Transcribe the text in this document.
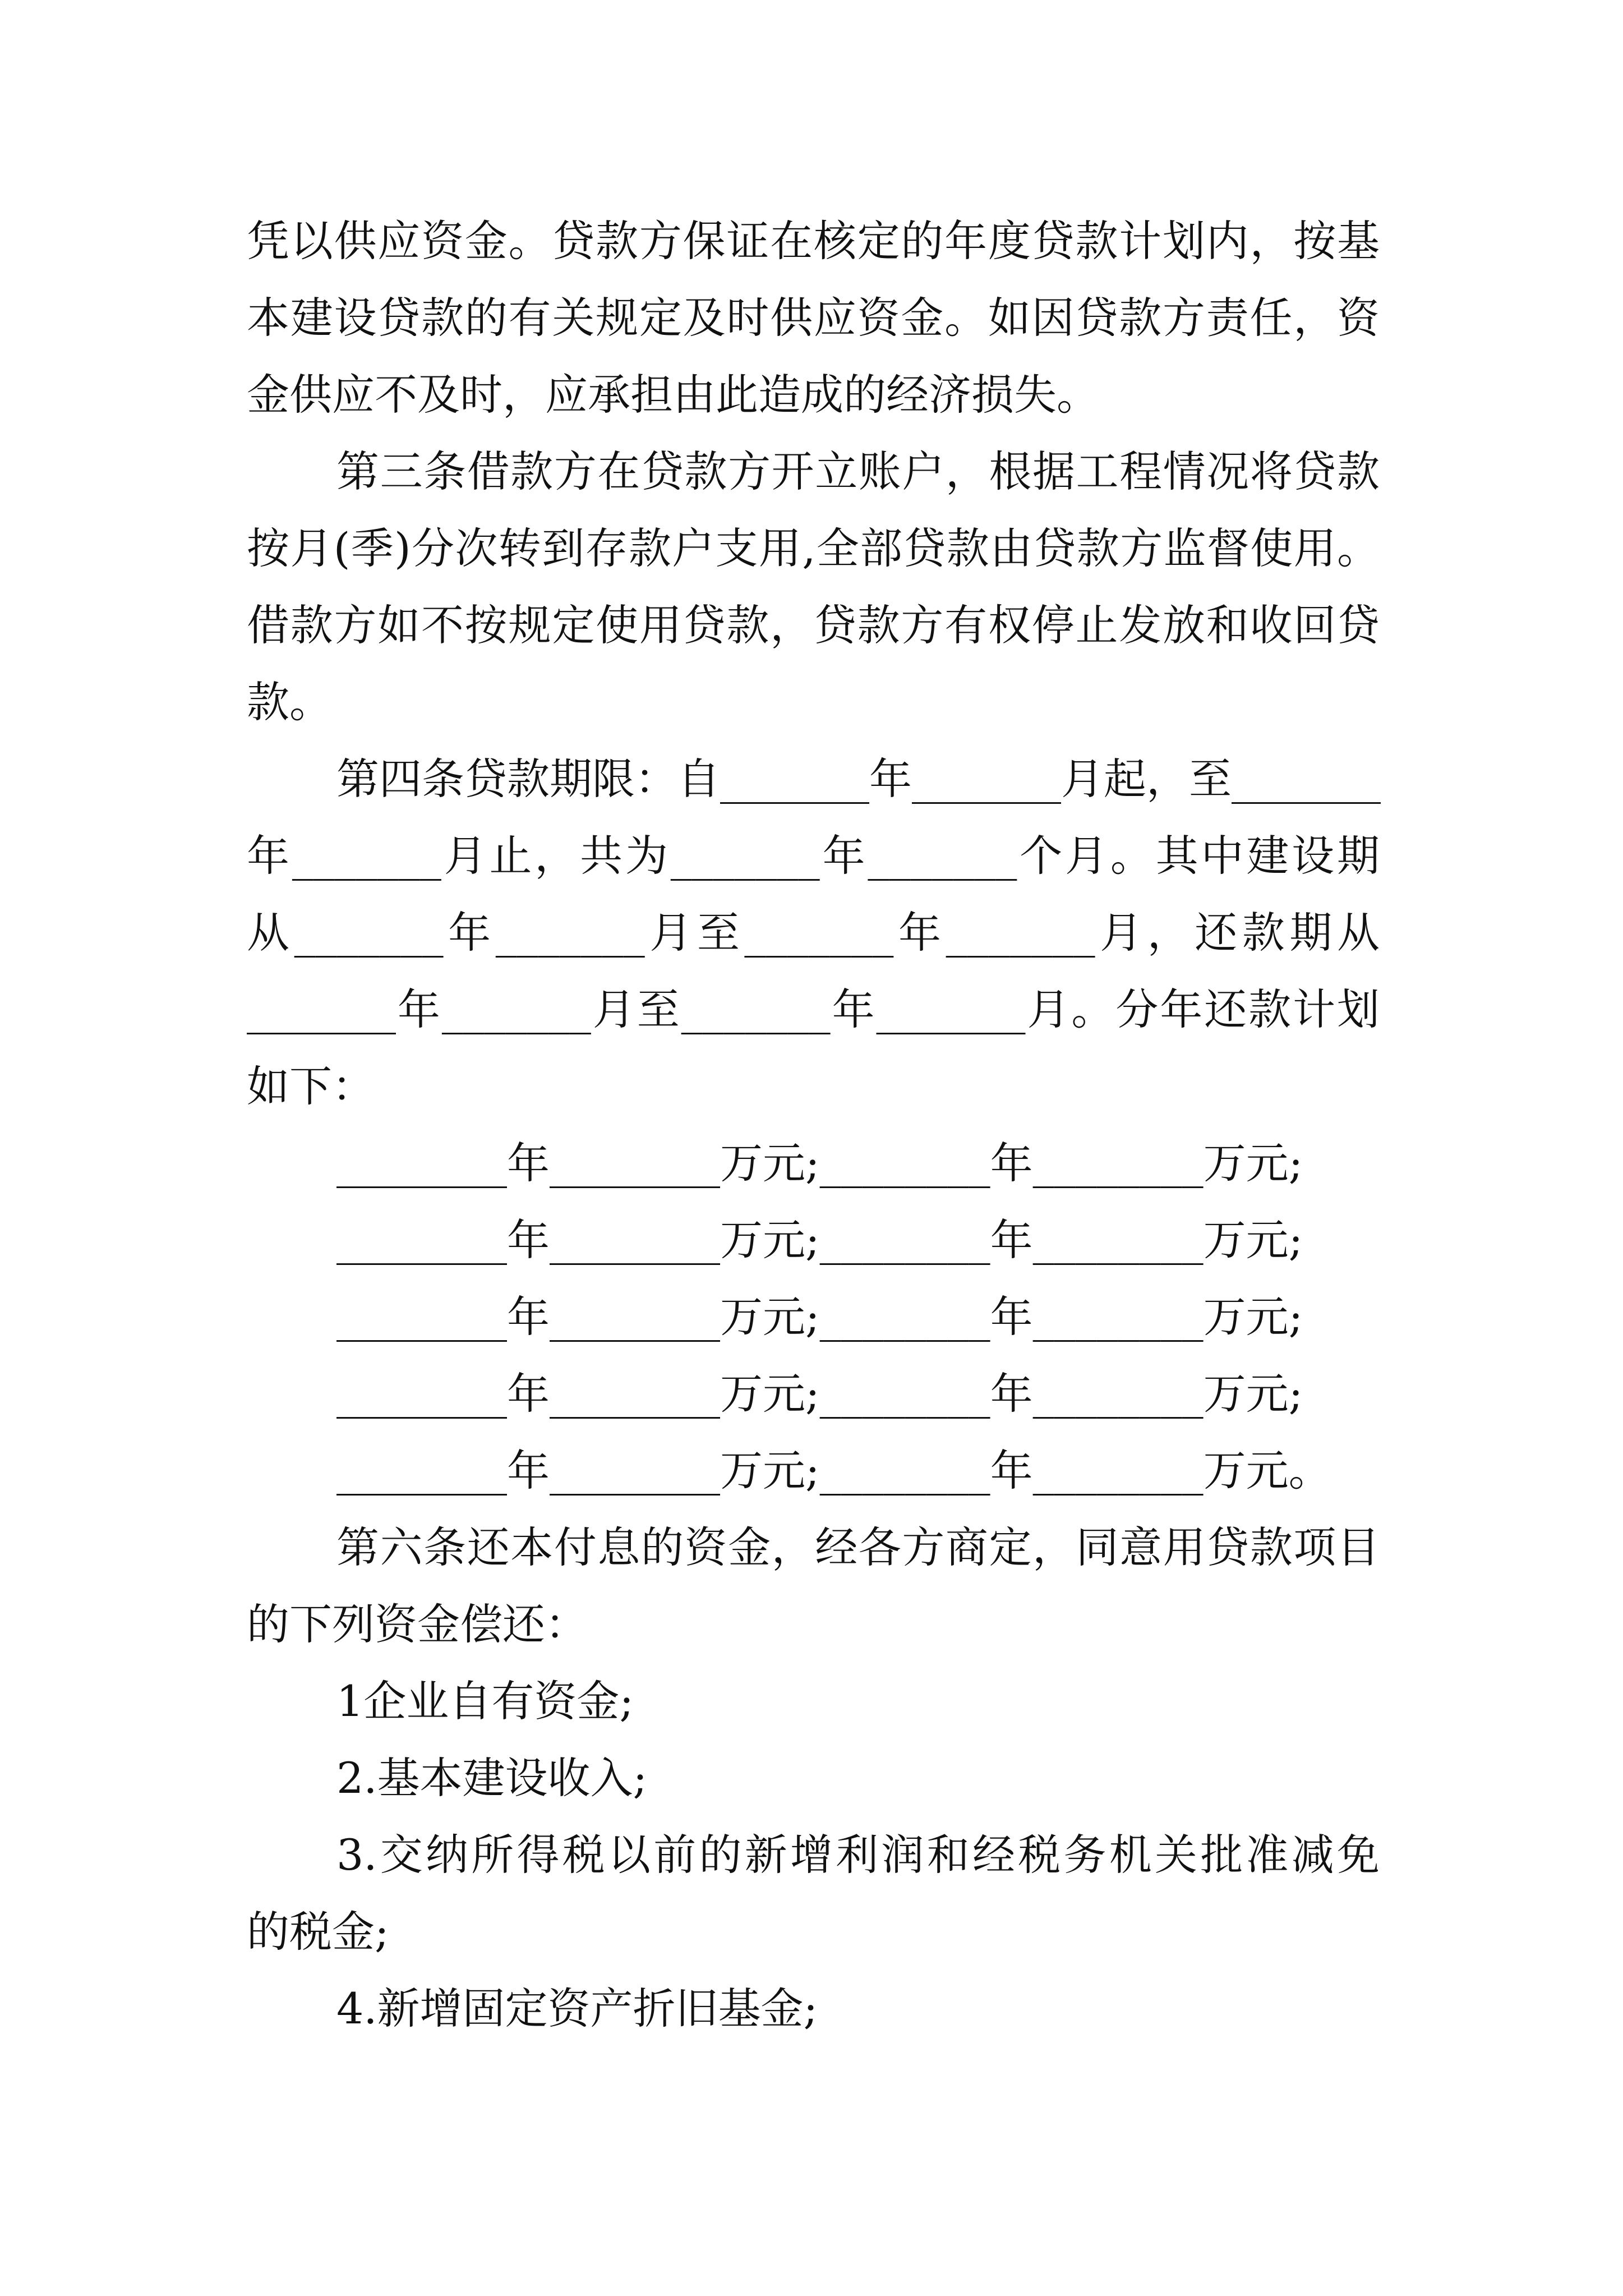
凭以供应资金。贷款方保证在核定的年度贷款计划内，按基
本建设贷款的有关规定及时供应资金。如因贷款方责任，资
金供应不及时，应承担由此造成的经济损失。
第三条借款方在贷款方开立账户，根据工程情况将贷款
按月(季)分次转到存款户支用,全部贷款由贷款方监督使用。
借款方如不按规定使用贷款，贷款方有权停止发放和收回贷
款。
第四条贷款期限：自_______年_______月起，至_______
年_______月止，共为_______年_______个月。其中建设期
从_______年_______月至_______年_______月，还款期从
_______年_______月至_______年_______月。分年还款计划
如下：
________年________万元;________年________万元;
________年________万元;________年________万元;
________年________万元;________年________万元;
________年________万元;________年________万元;
________年________万元;________年________万元。
第六条还本付息的资金，经各方商定，同意用贷款项目
的下列资金偿还：
1企业自有资金;
2.基本建设收入;
3.交纳所得税以前的新增利润和经税务机关批准减免
的税金;
4.新增固定资产折旧基金;
